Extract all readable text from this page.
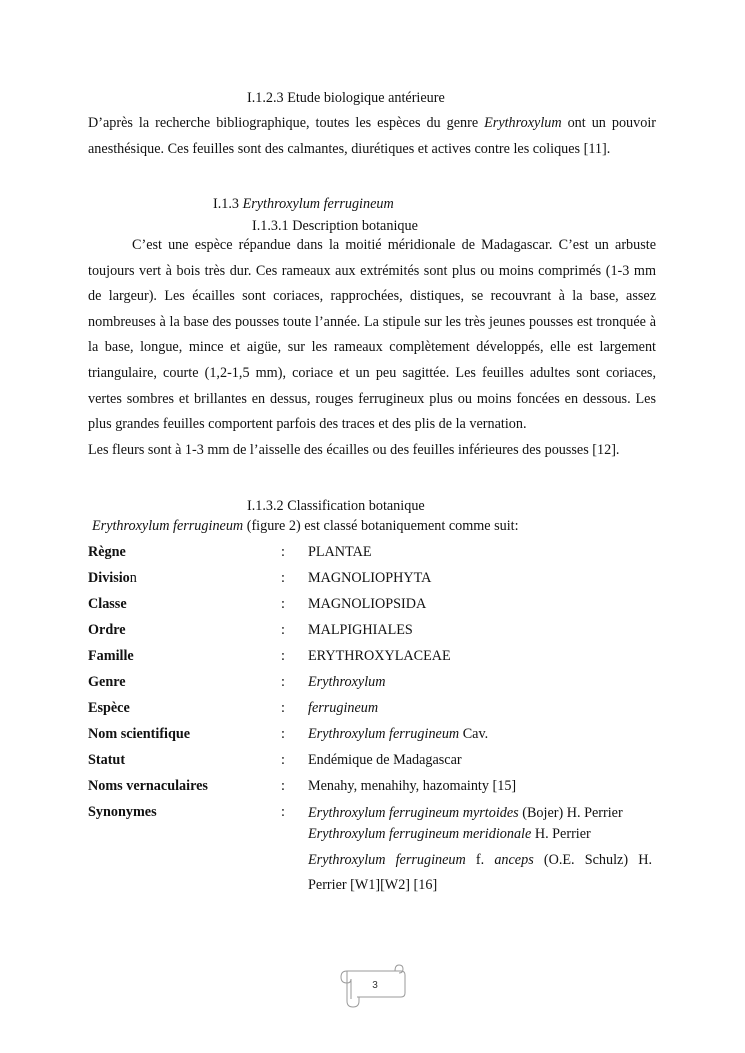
I.1.2.3 Etude biologique antérieure

D’après la recherche bibliographique, toutes les espèces du genre Erythroxylum ont un pouvoir anesthésique. Ces feuilles sont des calmantes, diurétiques et actives contre les coliques [11].

I.1.3 Erythroxylum ferrugineum
I.1.3.1 Description botanique

C’est une espèce répandue dans la moitié méridionale de Madagascar. C’est un arbuste toujours vert à bois très dur. Ces rameaux aux extrémités sont plus ou moins comprimés (1-3 mm de largeur). Les écailles sont coriaces, rapprochées, distiques, se recouvrant à la base, assez nombreuses à la base des pousses toute l’année. La stipule sur les très jeunes pousses est tronquée à la base, longue, mince et aigüe, sur les rameaux complètement développés, elle est largement triangulaire, courte (1,2-1,5 mm), coriace et un peu sagittée. Les feuilles adultes sont coriaces, vertes sombres et brillantes en dessus, rouges ferrugineux plus ou moins foncées en dessous. Les plus grandes feuilles comportent parfois des traces et des plis de la vernation.

Les fleurs sont à 1-3 mm de l’aisselle des écailles ou des feuilles inférieures des pousses [12].

I.1.3.2 Classification botanique
Erythroxylum ferrugineum (figure 2) est classé botaniquement comme suit:
Règne	: PLANTAE
Division	: MAGNOLIOPHYTA
Classe	: MAGNOLIOPSIDA
Ordre	: MALPIGHIALES
Famille	: ERYTHROXYLACEAE
Genre	: Erythroxylum
Espèce	: ferrugineum
Nom scientifique	: Erythroxylum ferrugineum Cav.
Statut	: Endémique de Madagascar
Noms vernaculaires	: Menahy, menahihy, hazomainty [15]
Synonymes	: Erythroxylum ferrugineum myrtoides (Bojer) H. Perrier
Erythroxylum ferrugineum meridionale H. Perrier
Erythroxylum ferrugineum f. anceps (O.E. Schulz) H. Perrier [W1][W2] [16]
3
